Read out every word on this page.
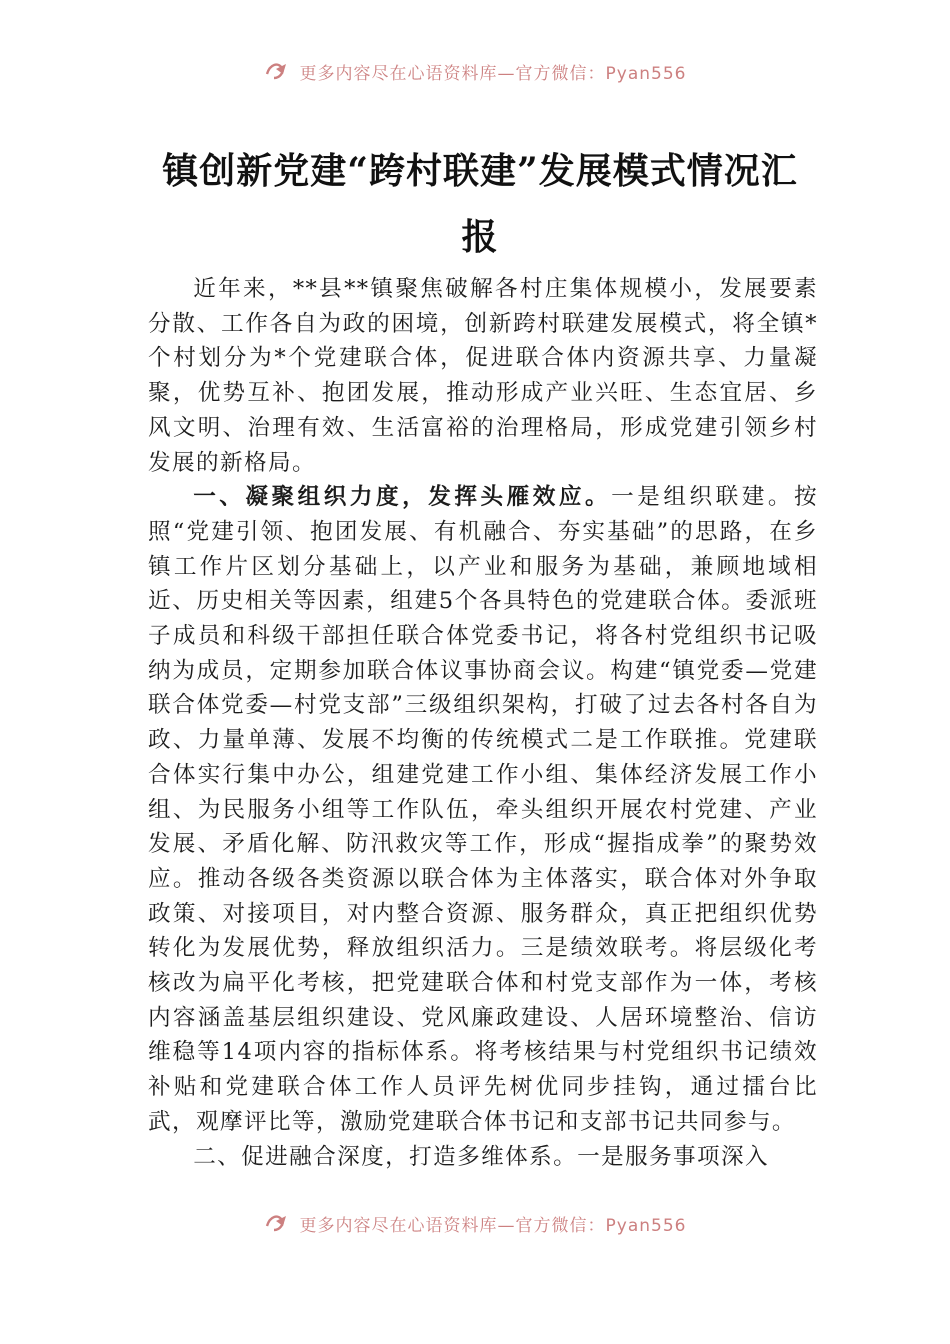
更多内容尽在心语资料库—官方微信：Pyan556
镇创新党建“跨村联建”发展模式情况汇报

近年来，**县**镇聚焦破解各村庄集体规模小，发展要素分散、工作各自为政的困境，创新跨村联建发展模式，将全镇*个村划分为*个党建联合体，促进联合体内资源共享、力量凝聚，优势互补、抱团发展，推动形成产业兴旺、生态宜居、乡风文明、治理有效、生活富裕的治理格局，形成党建引领乡村发展的新格局。

一、凝聚组织力度，发挥头雁效应。一是组织联建。按照“党建引领、抱团发展、有机融合、夯实基础”的思路，在乡镇工作片区划分基础上，以产业和服务为基础，兼顾地域相近、历史相关等因素，组建5个各具特色的党建联合体。委派班子成员和科级干部担任联合体党委书记，将各村党组织书记吸纳为成员，定期参加联合体议事协商会议。构建“镇党委—党建联合体党委—村党支部”三级组织架构，打破了过去各村各自为政、力量单薄、发展不均衡的传统模式二是工作联推。党建联合体实行集中办公，组建党建工作小组、集体经济发展工作小组、为民服务小组等工作队伍，牵头组织开展农村党建、产业发展、矛盾化解、防汛救灾等工作，形成“握指成拳”的聚势效应。推动各级各类资源以联合体为主体落实，联合体对外争取政策、对接项目，对内整合资源、服务群众，真正把组织优势转化为发展优势，释放组织活力。三是绩效联考。将层级化考核改为扁平化考核，把党建联合体和村党支部作为一体，考核内容涵盖基层组织建设、党风廉政建设、人居环境整治、信访维稳等14项内容的指标体系。将考核结果与村党组织书记绩效补贴和党建联合体工作人员评先树优同步挂钩，通过擂台比武，观摩评比等，激励党建联合体书记和支部书记共同参与。

二、促进融合深度，打造多维体系。一是服务事项深入

更多内容尽在心语资料库—官方微信：Pyan556
